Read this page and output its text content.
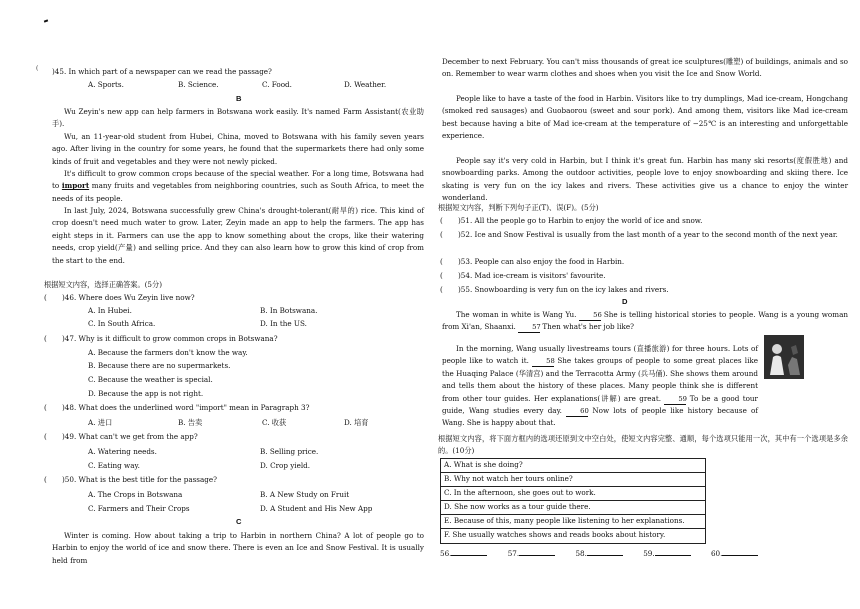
( )45. In which part of a newspaper can we read the passage?
A. Sports.	B. Science.	C. Food.	D. Weather.
B

Wu Zeyin's new app can help farmers in Botswana work easily. It's named Farm Assistant(农业助手).

Wu, an 11-year-old student from Hubei, China, moved to Botswana with his family seven years ago. After living in the country for some years, he found that the supermarkets there had only some kinds of fruit and vegetables and they were not newly picked.

It's difficult to grow common crops because of the special weather. For a long time, Botswana had to import many fruits and vegetables from neighboring countries, such as South Africa, to meet the needs of its people.

In last July, 2024, Botswana successfully grew China's drought-tolerant(耐旱的) rice. This kind of crop doesn't need much water to grow. Later, Zeyin made an app to help the farmers. The app has eight steps in it. Farmers can use the app to know something about the crops, like their watering needs, crop yield(产量) and selling price. And they can also learn how to grow this kind of crop from the start to the end.

根据短文内容，选择正确答案。(5分)
( )46. Where does Wu Zeyin live now?
A. In Hubei.	B. In Botswana.
C. In South Africa.	D. In the US.
( )47. Why is it difficult to grow common crops in Botswana?
A. Because the farmers don't know the way.
B. Because there are no supermarkets.
C. Because the weather is special.
D. Because the app is not right.
( )48. What does the underlined word "import" mean in Paragraph 3?
A. 进口	B. 告卖	C. 收获	D. 培育
( )49. What can't we get from the app?
A. Watering needs.	B. Selling price.
C. Eating way.	D. Crop yield.
( )50. What is the best title for the passage?
A. The Crops in Botswana	B. A New Study on Fruit
C. Farmers and Their Crops	D. A Student and His New App
C

Winter is coming. How about taking a trip to Harbin in northern China? A lot of people go to Harbin to enjoy the world of ice and snow there. There is even an Ice and Snow Festival. It is usually held from

December to next February. You can't miss thousands of great ice sculptures(雕塑) of buildings, animals and so on. Remember to wear warm clothes and shoes when you visit the Ice and Snow World.

People like to have a taste of the food in Harbin. Visitors like to try dumplings, Mad ice-cream, Hongchang (smoked red sausages) and Guobaorou (sweet and sour pork). And among them, visitors like Mad ice-cream best because having a bite of Mad ice-cream at the temperature of −25℃ is an interesting and unforgettable experience.

People say it's very cold in Harbin, but I think it's great fun. Harbin has many ski resorts(度假胜地) and snowboarding parks. Among the outdoor activities, people love to enjoy snowboarding and skiing there. Ice skating is very fun on the icy lakes and rivers. These activities give us a chance to enjoy the winter wonderland.

根据短文内容，判断下列句子正(T)、误(F)。(5分)
( )51. All the people go to Harbin to enjoy the world of ice and snow.
( )52. Ice and Snow Festival is usually from the last month of a year to the second month of the next year.

( )53. People can also enjoy the food in Harbin.
( )54. Mad ice-cream is visitors' favourite.
( )55. Snowboarding is very fun on the icy lakes and rivers.
D

The woman in white is Wang Yu. 56 She is telling historical stories to people. Wang is a young woman from Xi'an, Shaanxi. 57 Then what's her job like?

In the morning, Wang usually livestreams tours (直播旅游) for three hours. Lots of people like to watch it.	58 She takes groups of people to some great places like the Huaqing Palace (华清宫) and the Terracotta Army (兵马俑). She shows them around and tells them about the history of these places. Many people think she is different from other tour guides. Her explanations(讲解) are great.	59 To be a good tour guide, Wang studies every day.	60 Now lots of people like history because of Wang. She is happy about that.

根据短文内容，将下面方框内的选项还原到文中空白处，使短文内容完整、通顺，每个选项只能用一次，其中有一个选项是多余的。(10分)

A. What is she doing?
B. Why not watch her tours online?
C. In the afternoon, she goes out to work.
D. She now works as a tour guide there.
E. Because of this, many people like listening to her explanations.
F. She usually watches shows and reads books about history.
56.	57.	58.	59.	60.
